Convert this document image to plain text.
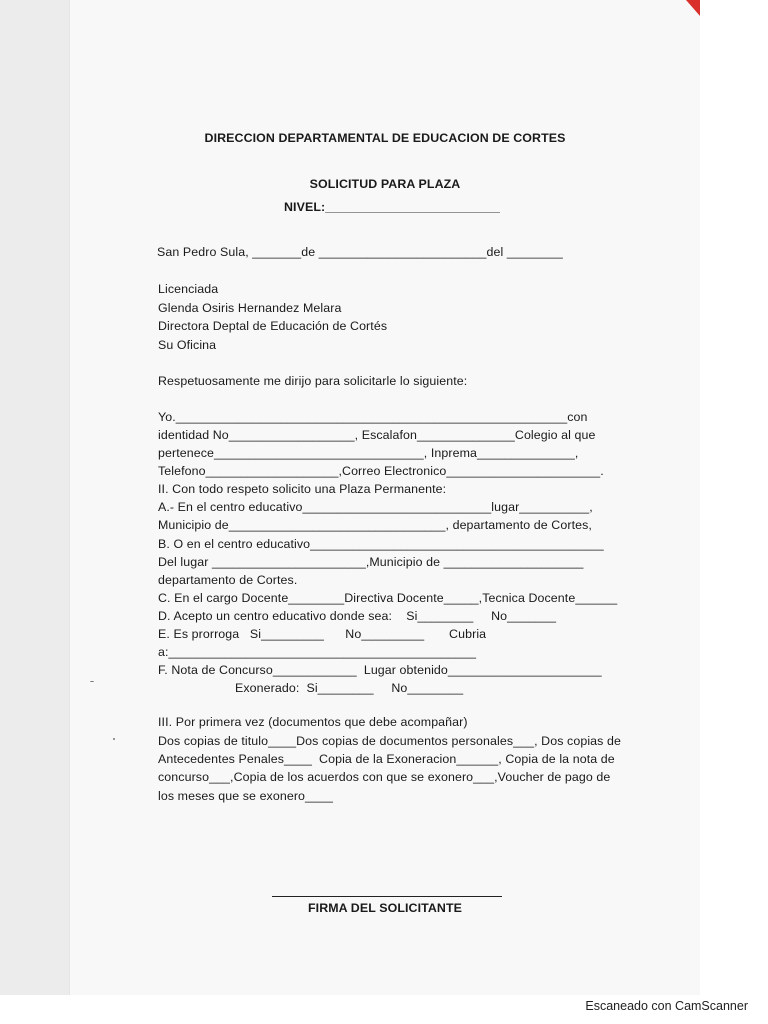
DIRECCION DEPARTAMENTAL DE EDUCACION DE CORTES
SOLICITUD PARA PLAZA
NIVEL:_________________________
San Pedro Sula, _______de ________________________del ________
Licenciada
Glenda Osiris Hernandez Melara
Directora Deptal de Educación de Cortés
Su Oficina
Respetuosamente me dirijo para solicitarle lo siguiente:
Yo.________________________________________________________con
identidad No__________________, Escalafon______________Colegio al que
pertenece______________________________, Inprema______________,
Telefono___________________,Correo Electronico______________________.
II. Con todo respeto solicito una Plaza Permanente:
A.- En el centro educativo___________________________lugar__________,
Municipio de_______________________________, departamento de Cortes,
B. O en el centro educativo__________________________________________
Del lugar ______________________,Municipio de ____________________
departamento de Cortes.
C. En el cargo Docente________Directiva Docente_____,Tecnica Docente______
D. Acepto un centro educativo donde sea:    Si________     No_______
E. Es prorroga   Si_________      No_________       Cubria
a:____________________________________________
F. Nota de Concurso____________  Lugar obtenido______________________
Exonerado:  Si________     No________
III. Por primera vez (documentos que debe acompañar)
Dos copias de titulo____Dos copias de documentos personales___, Dos copias de
Antecedentes Penales____  Copia de la Exoneracion______, Copia de la nota de
concurso___,Copia de los acuerdos con que se exonero___,Voucher de pago de
los meses que se exonero____
FIRMA DEL SOLICITANTE
Escaneado con CamScanner
